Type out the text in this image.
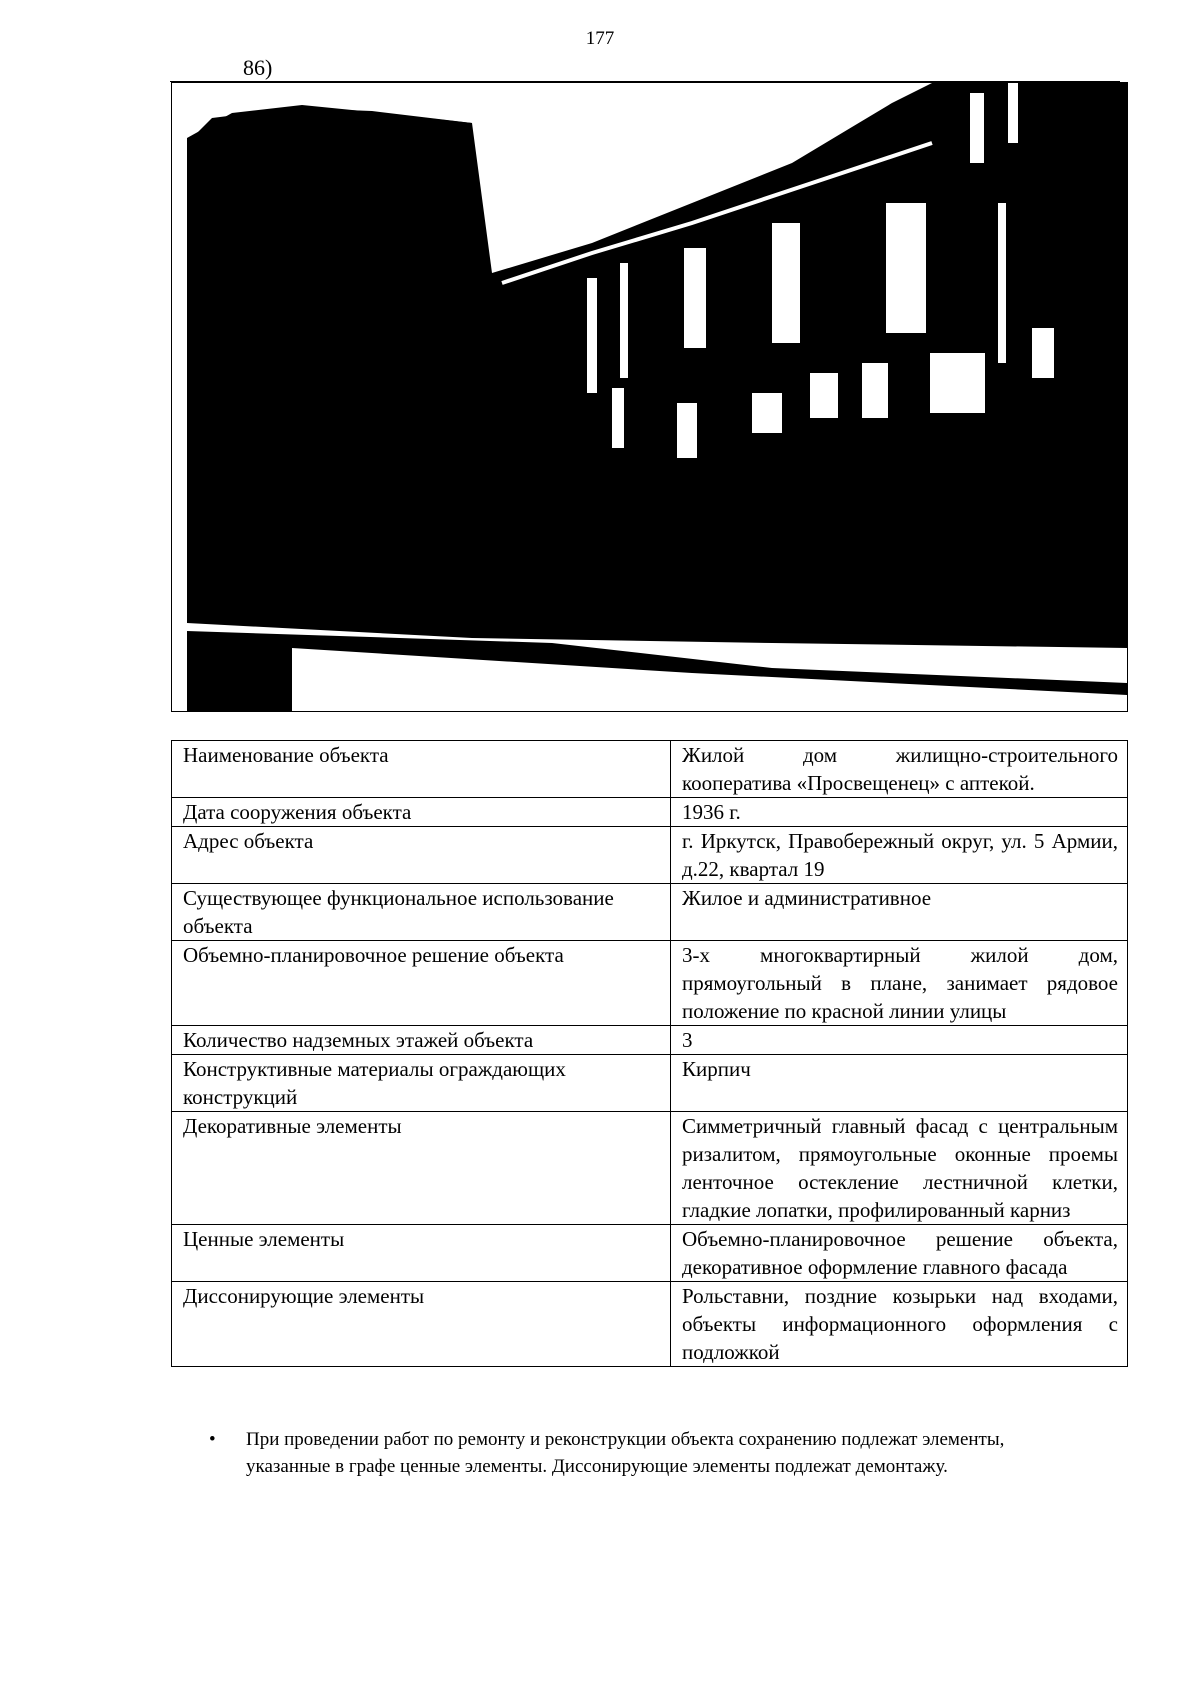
177
86)
Наименование объекта	Жилой дом жилищно-строительного кооператива «Просвещенец» с аптекой.
Дата сооружения объекта	1936 г.
Адрес объекта	г. Иркутск, Правобережный округ, ул. 5 Армии, д.22, квартал 19
Существующее функциональное использование объекта	Жилое и административное
Объемно-планировочное решение объекта	3-х многоквартирный жилой дом, прямоугольный в плане, занимает рядовое положение по красной линии улицы
Количество надземных этажей объекта	3
Конструктивные материалы ограждающих конструкций	Кирпич
Декоративные элементы	Симметричный главный фасад с центральным ризалитом, прямоугольные оконные проемы ленточное остекление лестничной клетки, гладкие лопатки, профилированный карниз
Ценные элементы	Объемно-планировочное решение объекта, декоративное оформление главного фасада
Диссонирующие элементы	Рольставни, поздние козырьки над входами, объекты информационного оформления с подложкой
• При проведении работ по ремонту и реконструкции объекта сохранению подлежат элементы, указанные в графе ценные элементы. Диссонирующие элементы подлежат демонтажу.
